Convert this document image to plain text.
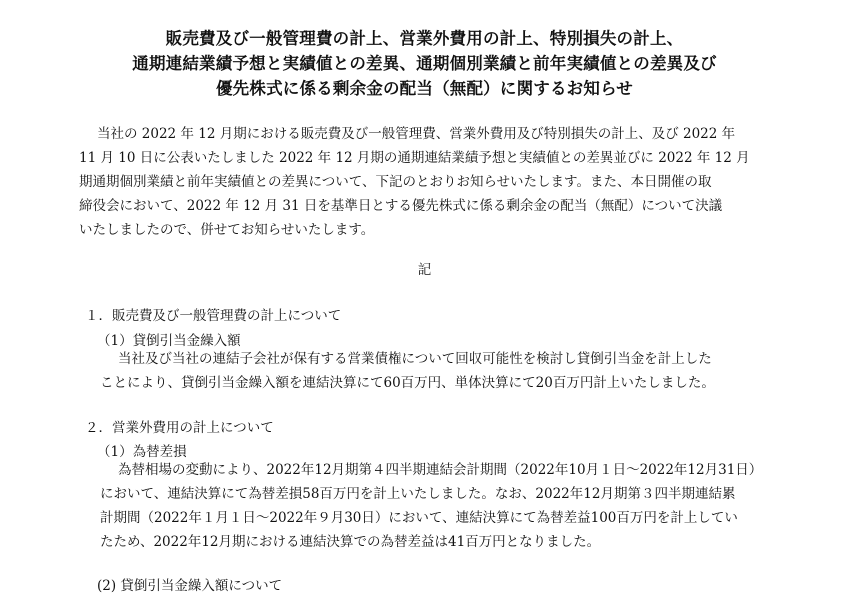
販売費及び一般管理費の計上、営業外費用の計上、特別損失の計上、
通期連結業績予想と実績値との差異、通期個別業績と前年実績値との差異及び
優先株式に係る剰余金の配当（無配）に関するお知らせ
当社の 2022 年 12 月期における販売費及び一般管理費、営業外費用及び特別損失の計上、及び 2022 年
11 月 10 日に公表いたしました 2022 年 12 月期の通期連結業績予想と実績値との差異並びに 2022 年 12 月
期通期個別業績と前年実績値との差異について、下記のとおりお知らせいたします。また、本日開催の取
締役会において、2022 年 12 月 31 日を基準日とする優先株式に係る剰余金の配当（無配）について決議
いたしましたので、併せてお知らせいたします。
記
１．販売費及び一般管理費の計上について
（1）貸倒引当金繰入額
当社及び当社の連結子会社が保有する営業債権について回収可能性を検討し貸倒引当金を計上した
ことにより、貸倒引当金繰入額を連結決算にて60百万円、単体決算にて20百万円計上いたしました。
２．営業外費用の計上について
（1）為替差損
為替相場の変動により、2022年12月期第４四半期連結会計期間（2022年10月１日～2022年12月31日）
において、連結決算にて為替差損58百万円を計上いたしました。なお、2022年12月期第３四半期連結累
計期間（2022年１月１日～2022年９月30日）において、連結決算にて為替差益100百万円を計上してい
たため、2022年12月期における連結決算での為替差益は41百万円となりました。
(2) 貸倒引当金繰入額について
